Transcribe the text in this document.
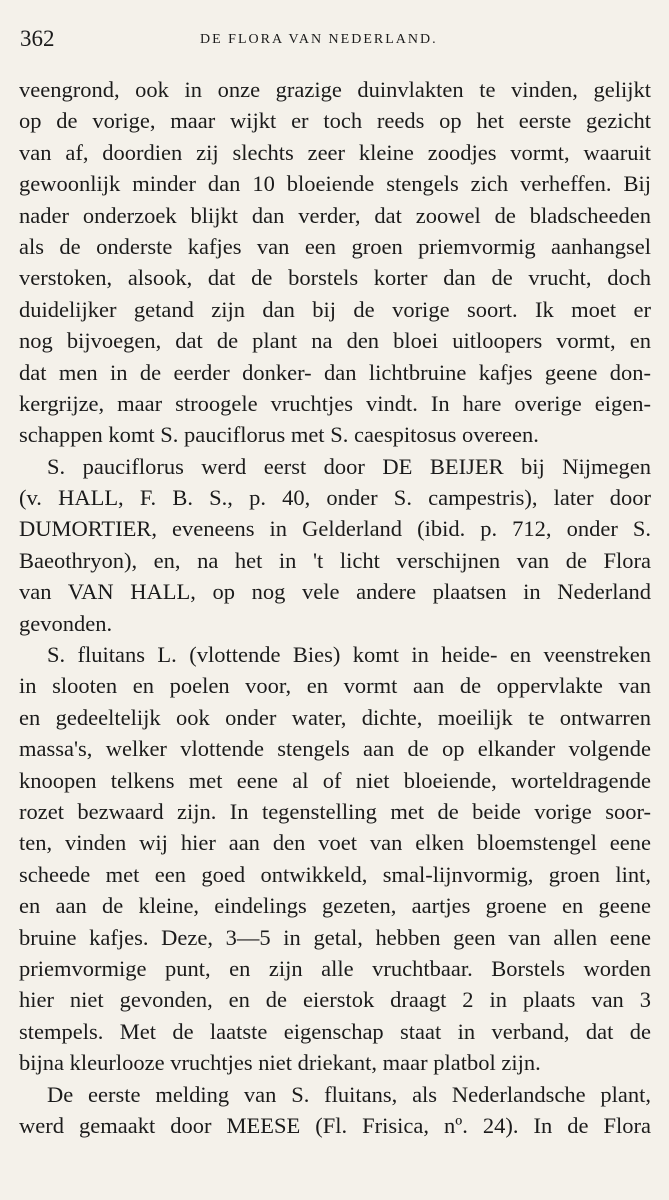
362	DE FLORA VAN NEDERLAND.
veengrond, ook in onze grazige duinvlakten te vinden, gelijkt
op de vorige, maar wijkt er toch reeds op het eerste gezicht
van af, doordien zij slechts zeer kleine zoodjes vormt, waaruit
gewoonlijk minder dan 10 bloeiende stengels zich verheffen. Bij
nader onderzoek blijkt dan verder, dat zoowel de bladscheeden
als de onderste kafjes van een groen priemvormig aanhangsel
verstoken, alsook, dat de borstels korter dan de vrucht, doch
duidelijker getand zijn dan bij de vorige soort. Ik moet er
nog bijvoegen, dat de plant na den bloei uitloopers vormt, en
dat men in de eerder donker- dan lichtbruine kafjes geene don-
kergrijze, maar stroogele vruchtjes vindt. In hare overige eigen-
schappen komt S. pauciflorus met S. caespitosus overeen.
S. pauciflorus werd eerst door DE BEIJER bij Nijmegen
(v. HALL, F. B. S., p. 40, onder S. campestris), later door
DUMORTIER, eveneens in Gelderland (ibid. p. 712, onder S.
Baeothryon), en, na het in 't licht verschijnen van de Flora
van VAN HALL, op nog vele andere plaatsen in Nederland
gevonden.
S. fluitans L. (vlottende Bies) komt in heide- en veenstreken
in slooten en poelen voor, en vormt aan de oppervlakte van
en gedeeltelijk ook onder water, dichte, moeilijk te ontwarren
massa's, welker vlottende stengels aan de op elkander volgende
knoopen telkens met eene al of niet bloeiende, worteldragende
rozet bezwaard zijn. In tegenstelling met de beide vorige soor-
ten, vinden wij hier aan den voet van elken bloemstengel eene
scheede met een goed ontwikkeld, smal-lijnvormig, groen lint,
en aan de kleine, eindelings gezeten, aartjes groene en geene
bruine kafjes. Deze, 3—5 in getal, hebben geen van allen eene
priemvormige punt, en zijn alle vruchtbaar. Borstels worden
hier niet gevonden, en de eierstok draagt 2 in plaats van 3
stempels. Met de laatste eigenschap staat in verband, dat de
bijna kleurlooze vruchtjes niet driekant, maar platbol zijn.
De eerste melding van S. fluitans, als Nederlandsche plant,
werd gemaakt door MEESE (Fl. Frisica, nº. 24). In de Flora
